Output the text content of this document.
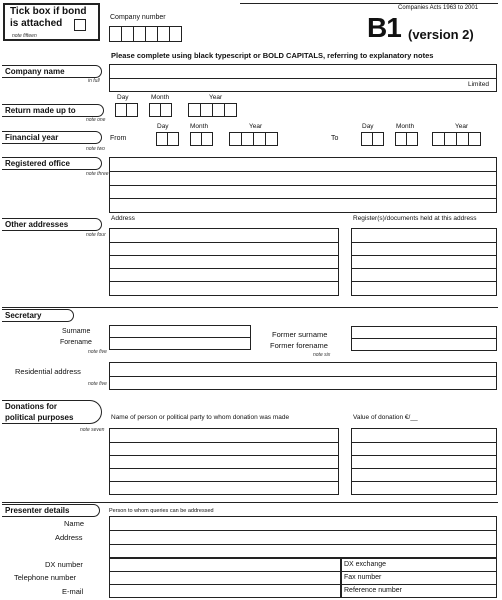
Tick box if bond
is attached
note fifteen
Company number
Companies Acts 1963 to 2001
B1 (version 2)
Please complete using black typescript or BOLD CAPITALS, referring to explanatory notes
Company name
in full	Limited
Day	Month	Year
Return made up to
note one
Day	Month	Year	Day	Month	Year
Financial year
note two
From	To
Registered office
note three
Other addresses
note four
Address	Register(s)/documents held at this address
Secretary
Surname
Forename
note five
Former surname
Former forename
note six
Residential address
note five
Donations for
political purposes
note seven
Name of person or political party to whom donation was made	Value of donation €/__
Presenter details	Person to whom queries can be addressed
Name
Address
DX number
Telephone number
E-mail
DX exchange
Fax number
Reference number
